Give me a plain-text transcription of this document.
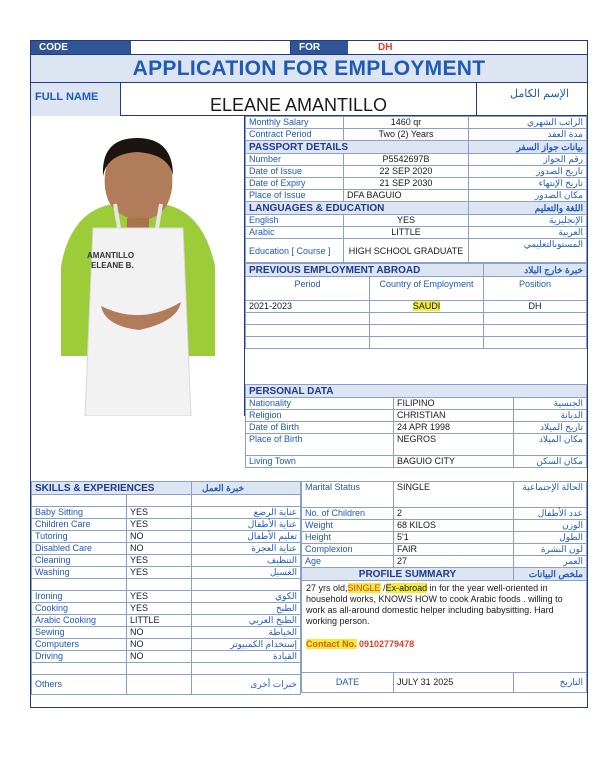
CODE	FOR	DH
APPLICATION FOR EMPLOYMENT
FULL NAME	ELEANE AMANTILLO
الإسم الكامل
AMANTILLO
ELEANE B.
Monthly Salary	1460 qr	الراتب الشهري
Contract Period	Two (2) Years	مدة العقد
PASSPORT DETAILS		بيانات جواز السفر
Number	P5542697B	رقم الجواز
Date of Issue	22 SEP 2020	تاريخ الصدور
Date of Expiry	21 SEP 2030	تاريخ الإنتهاء
Place of Issue	DFA BAGUIO	مكان الصدور
LANGUAGES & EDUCATION		اللغة والتعليم
English	YES	الإنجليزية
Arabic	LITTLE	العربية
Education [ Course ]	HIGH SCHOOL GRADUATE	المستوىالتعليمي
PREVIOUS EMPLOYMENT ABROAD		خبرة خارج البلاد
Period	Country of Employment	Position
2021-2023	SAUDI	DH

PERSONAL DATA		
Nationality	FILIPINO	الجنسية
Religion	CHRISTIAN	الديانة
Date of Birth	24 APR 1998	تاريخ الميلاد
Place of Birth	NEGROS	مكان الميلاد
Living Town	BAGUIO CITY	مكان السكن
SKILLS & EXPERIENCES		خبرة العمل

Baby Sitting	YES	عناية الرضع
Children Care	YES	عناية الأطفال
Tutoring	NO	تعليم الأطفال
Disabled Care	NO	عناية العجزة
Cleaning	YES	التنظيف
Washing	YES	الغسيل

Ironing	YES	الكوي
Cooking	YES	الطبخ
Arabic Cooking	LITTLE	الطبخ العربي
Sewing	NO	الخياطة
Computers	NO	إستخدام الكمبيوتر
Driving	NO	القيادة

Others		خبرات أخرى
Marital Status	SINGLE	الحالة الإجتماعية
No. of Children	2	عدد الأطفال
Weight	68 KILOS	الوزن
Height	5'1	الطول
Complexion	FAIR	لون البشرة
Age	27	العمر
PROFILE SUMMARY		ملخص البيانات

27 yrs old,SINGLE /Ex-abroad in for the year well-oriented in household works, KNOWS HOW to cook Arabic foods . willing to work as all-around domestic helper including babysitting. Hard working person.
Contact No. 09102779478		

DATE	JULY 31 2025	التاريخ
